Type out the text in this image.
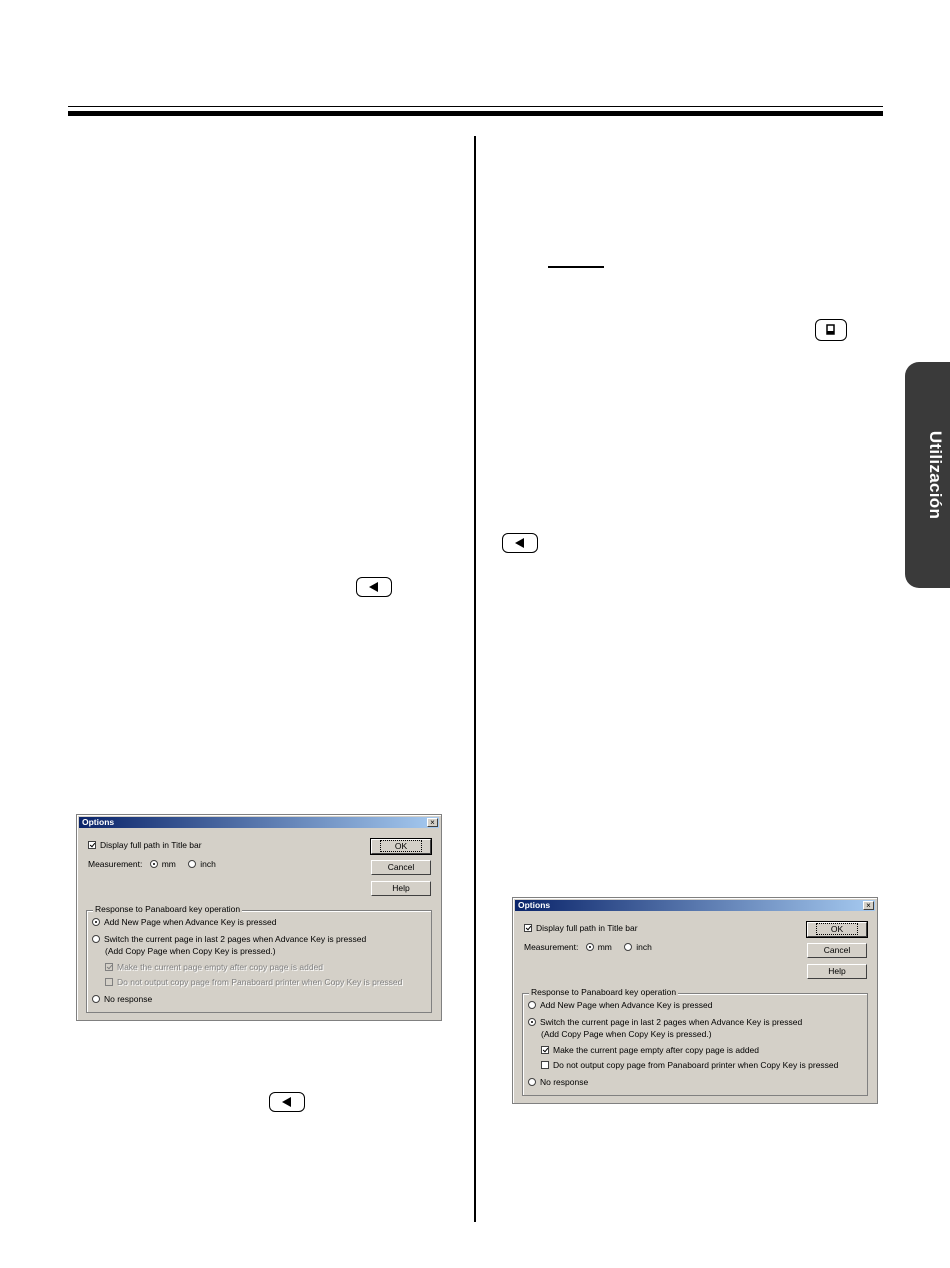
Utilización
Options	×
Display full path in Title bar
Measurement: mm	inch
OK
Cancel
Help
Response to Panaboard key operation
Add New Page when Advance Key is pressed
Switch the current page in last 2 pages when Advance Key is pressed
(Add Copy Page when Copy Key is pressed.)
Make the current page empty after copy page is added
Do not output copy page from Panaboard printer when Copy Key is pressed
No response
Options	×
Display full path in Title bar
Measurement: mm	inch
OK
Cancel
Help
Response to Panaboard key operation
Add New Page when Advance Key is pressed
Switch the current page in last 2 pages when Advance Key is pressed
(Add Copy Page when Copy Key is pressed.)
Make the current page empty after copy page is added
Do not output copy page from Panaboard printer when Copy Key is pressed
No response
